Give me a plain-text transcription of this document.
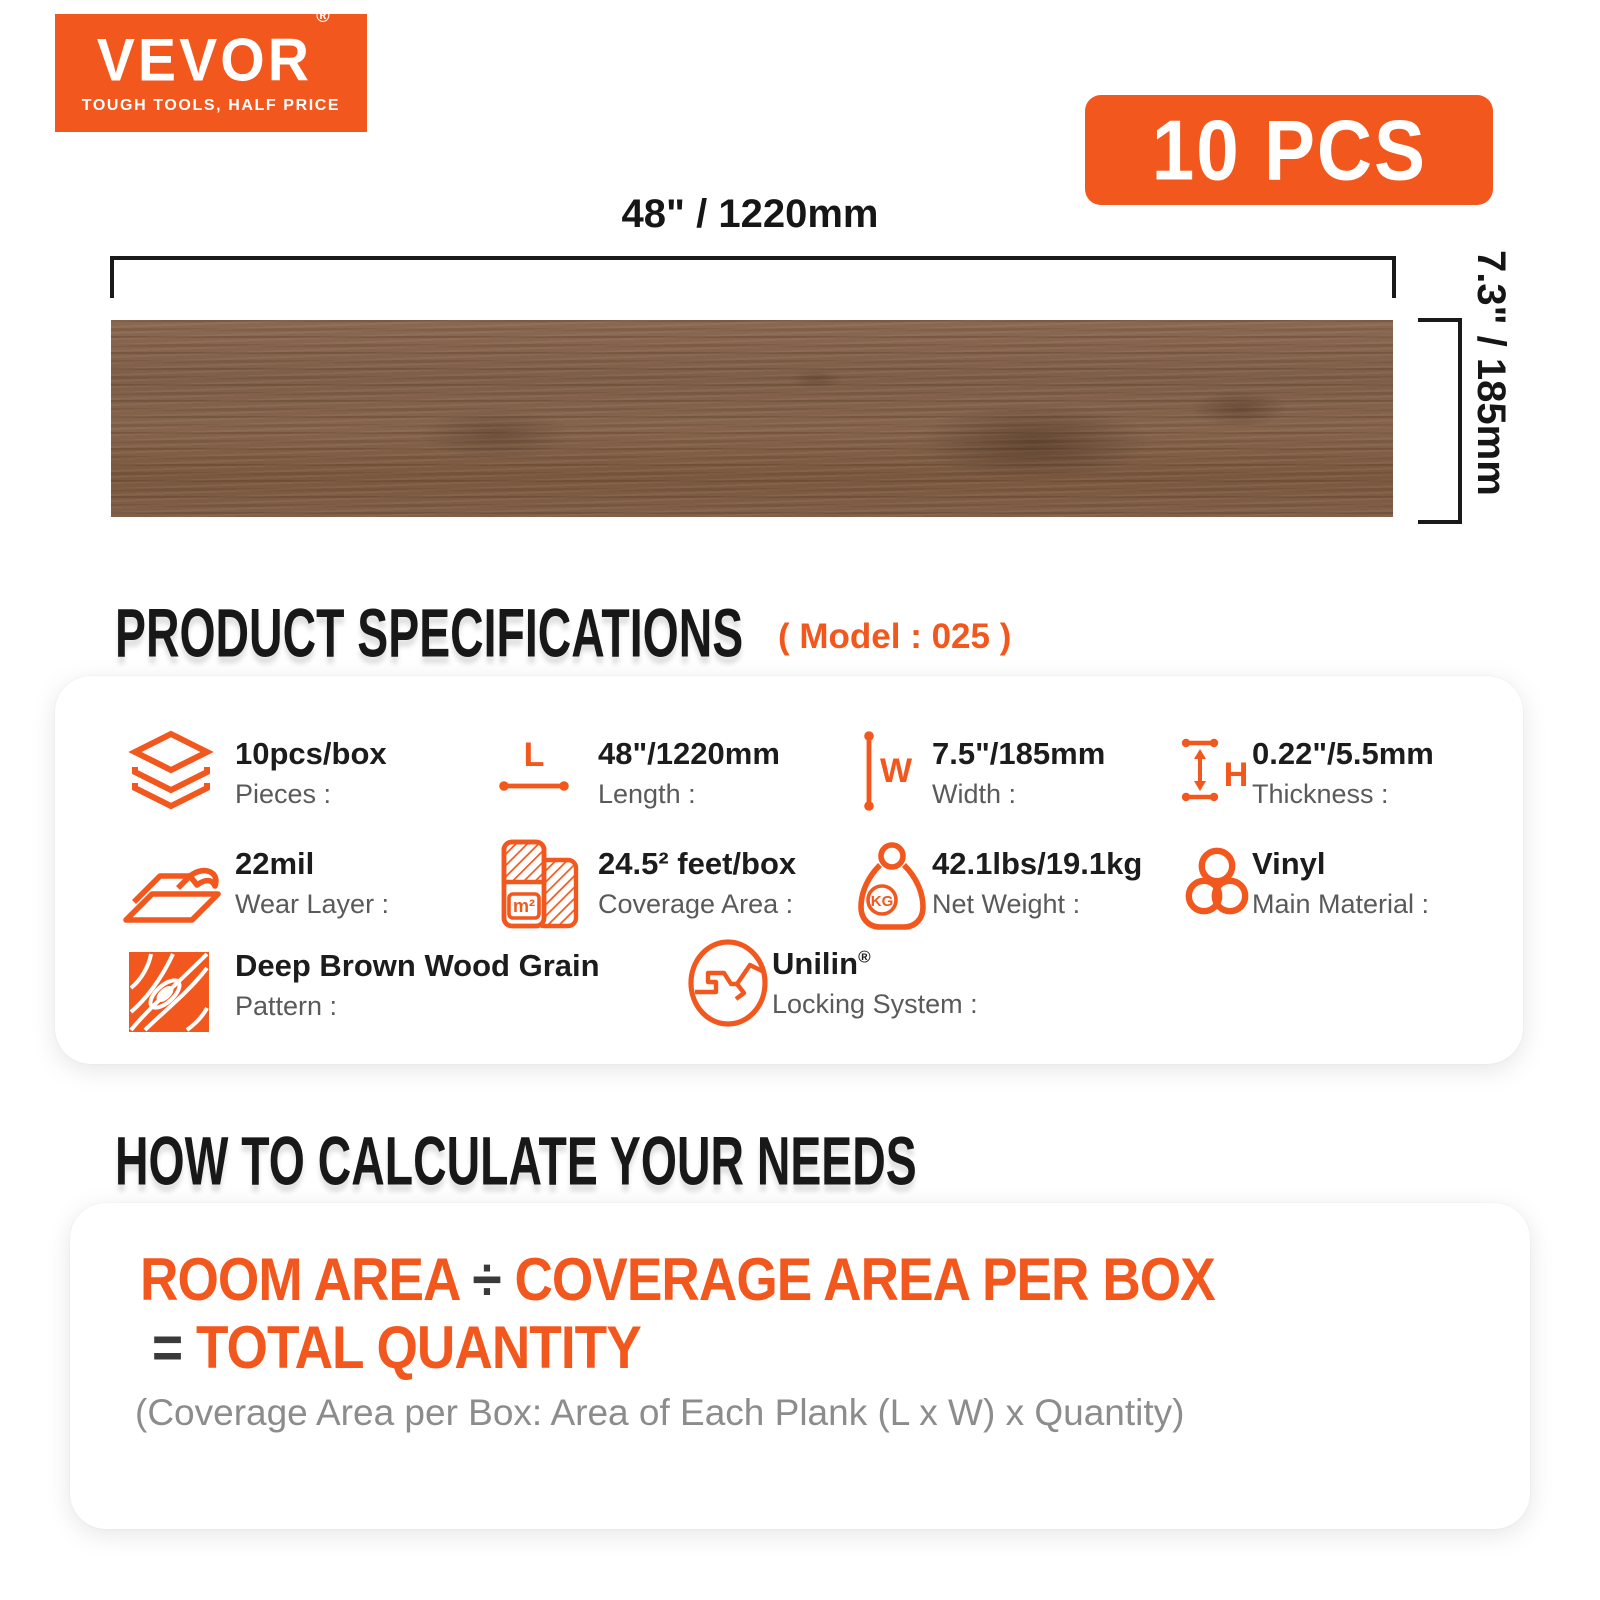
VEVOR®
TOUGH TOOLS, HALF PRICE	10 PCS
48" / 1220mm
7.3" / 185mm
PRODUCT SPECIFICATIONS ( Model : 025 )
10pcs/box
Pieces :
L 48"/1220mm
Length :
W 7.5"/185mm
Width :	H
0.22"/5.5mm
Thickness :
22mil
Wear Layer :	m²
24.5² feet/box
Coverage Area :	KG
42.1lbs/19.1kg
Net Weight :
Vinyl
Main Material :
Deep Brown Wood Grain
Pattern :
Unilin®
Locking System :
HOW TO CALCULATE YOUR NEEDS
ROOM AREA ÷ COVERAGE AREA PER BOX
= TOTAL QUANTITY
(Coverage Area per Box: Area of Each Plank (L x W) x Quantity)
